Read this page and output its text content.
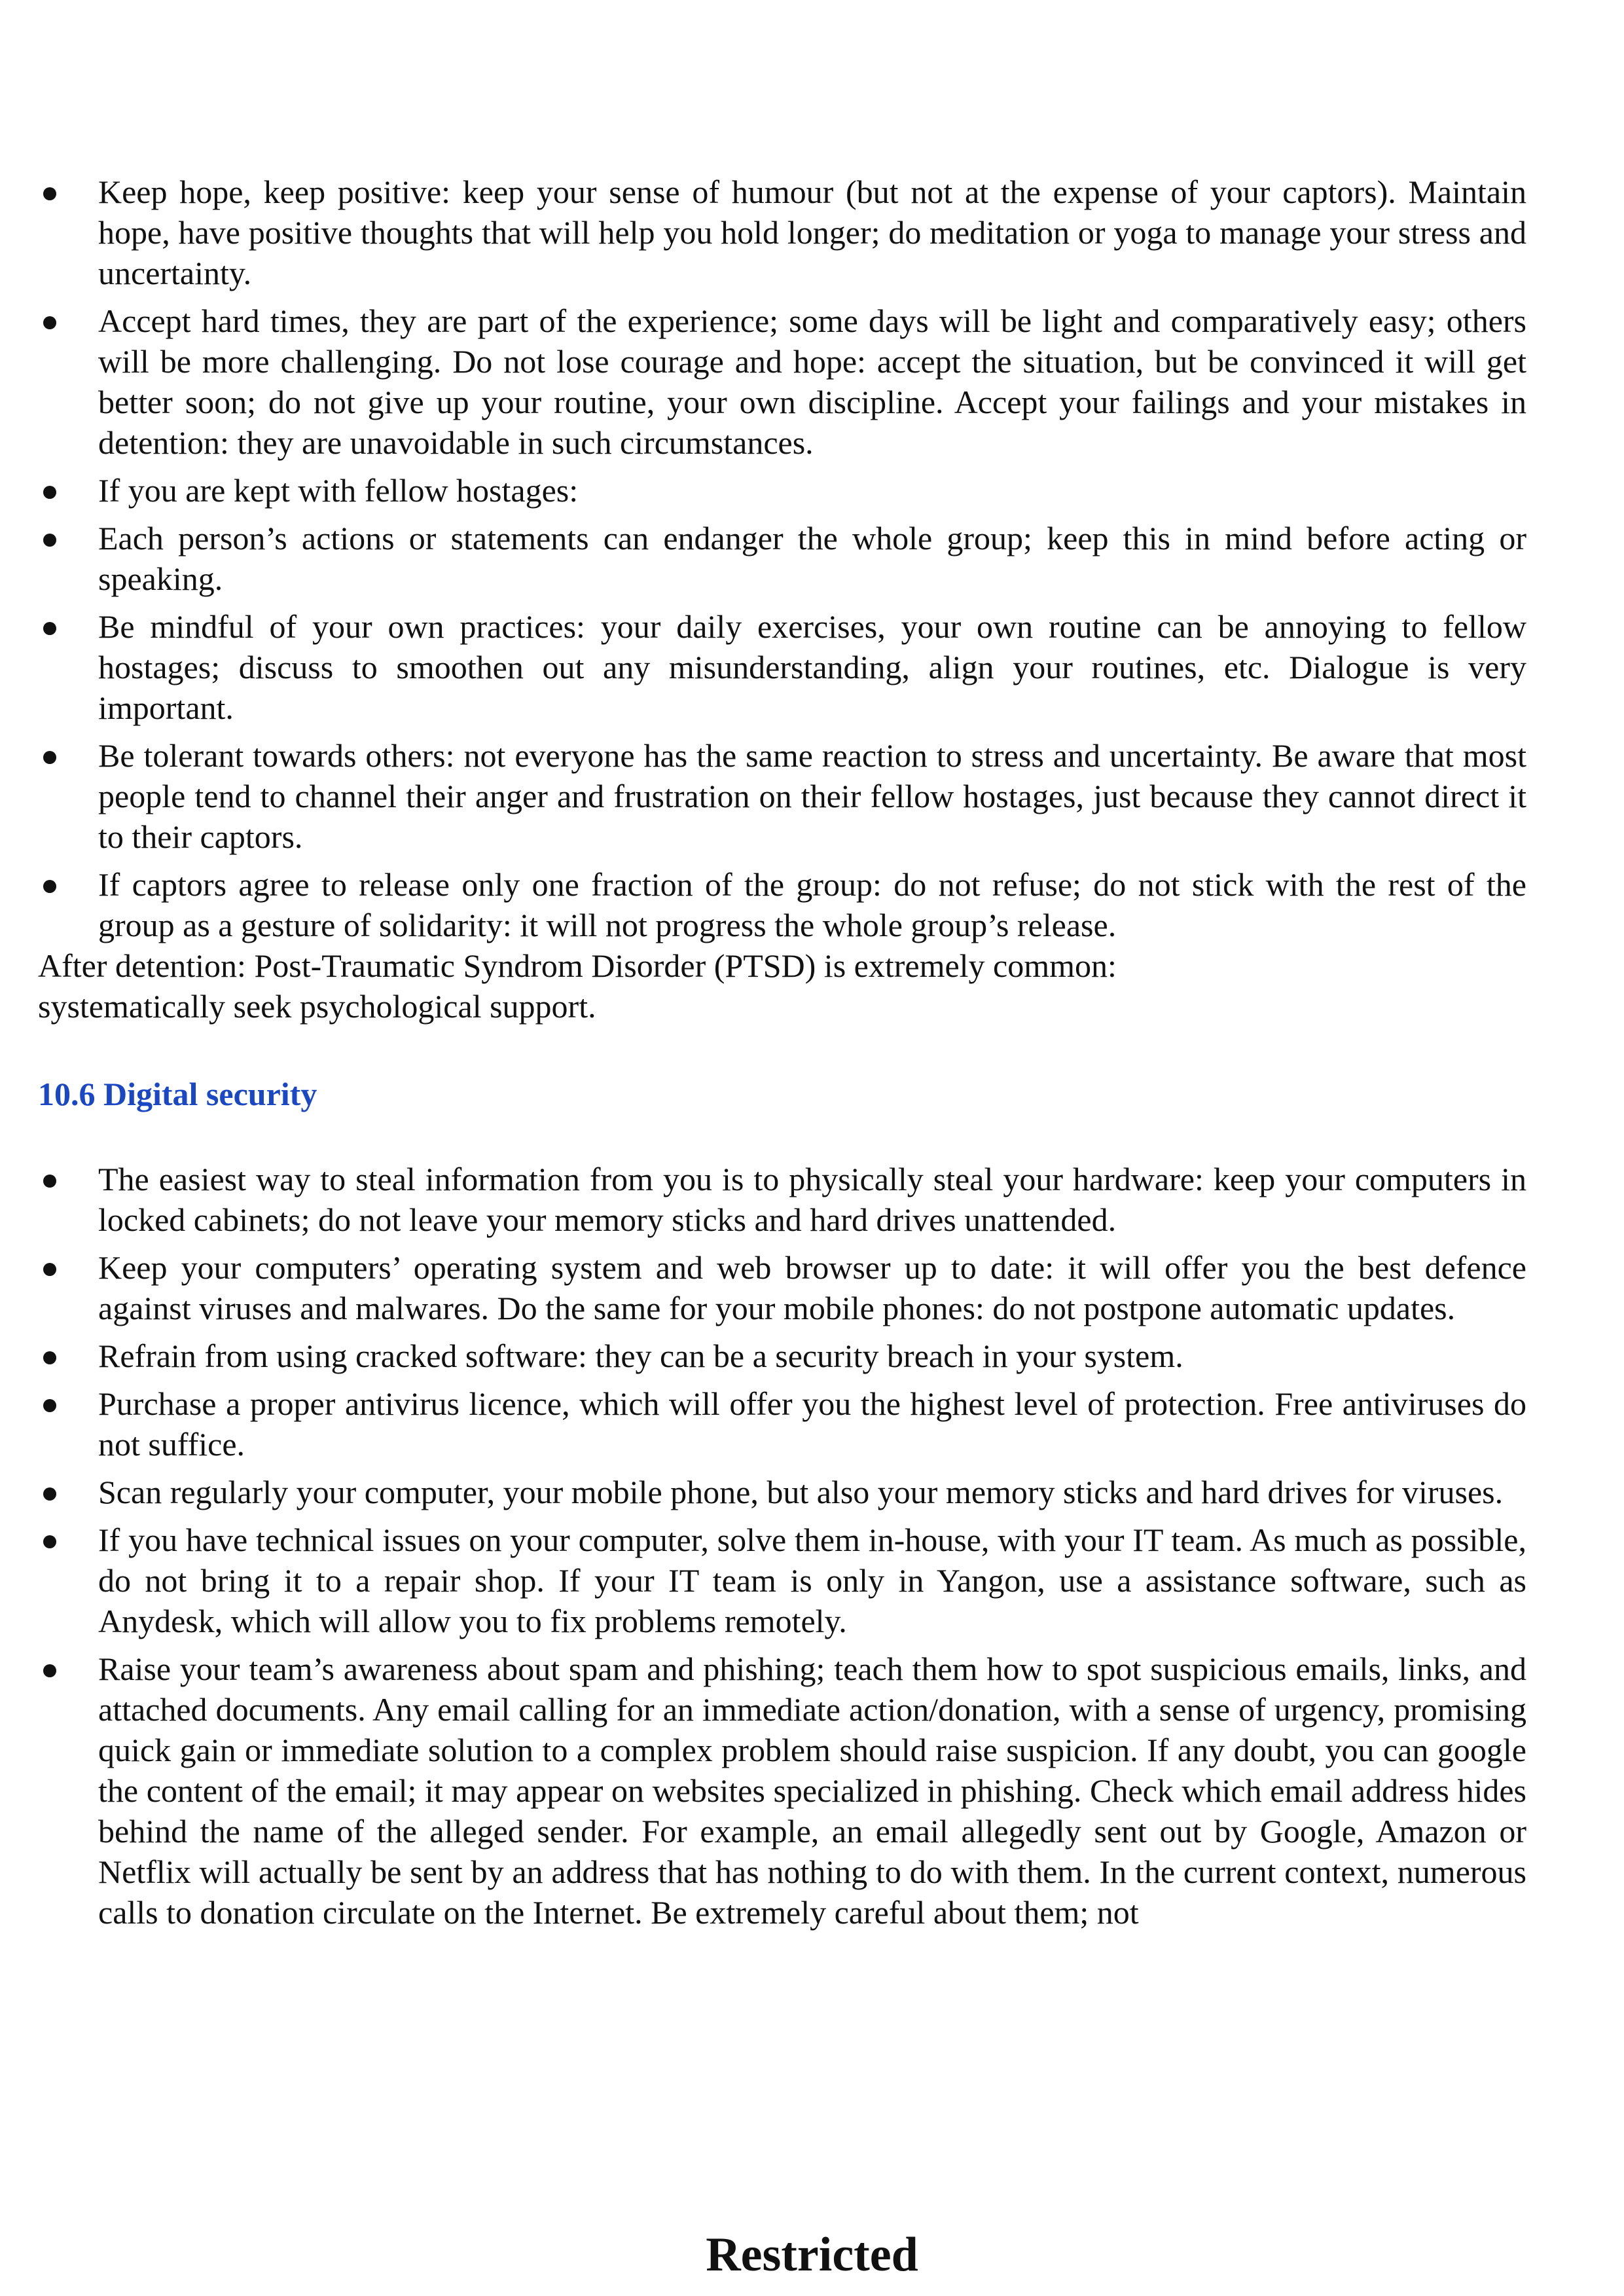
Keep hope, keep positive: keep your sense of humour (but not at the expense of your captors). Maintain hope, have positive thoughts that will help you hold longer; do meditation or yoga to manage your stress and uncertainty.
Accept hard times, they are part of the experience; some days will be light and comparatively easy; others will be more challenging. Do not lose courage and hope: accept the situation, but be convinced it will get better soon; do not give up your routine, your own discipline. Accept your failings and your mistakes in detention: they are unavoidable in such circumstances.
If you are kept with fellow hostages:
Each person’s actions or statements can endanger the whole group; keep this in mind before acting or speaking.
Be mindful of your own practices: your daily exercises, your own routine can be annoying to fellow hostages; discuss to smoothen out any misunderstanding, align your routines, etc. Dialogue is very important.
Be tolerant towards others: not everyone has the same reaction to stress and uncertainty. Be aware that most people tend to channel their anger and frustration on their fellow hostages, just because they cannot direct it to their captors.
If captors agree to release only one fraction of the group: do not refuse; do not stick with the rest of the group as a gesture of solidarity: it will not progress the whole group’s release.

After detention: Post-Traumatic Syndrom Disorder (PTSD) is extremely common:

systematically seek psychological support.

10.6 Digital security
The easiest way to steal information from you is to physically steal your hardware: keep your computers in locked cabinets; do not leave your memory sticks and hard drives unattended.
Keep your computers’ operating system and web browser up to date: it will offer you the best defence against viruses and malwares. Do the same for your mobile phones: do not postpone automatic updates.
Refrain from using cracked software: they can be a security breach in your system.
Purchase a proper antivirus licence, which will offer you the highest level of protection. Free antiviruses do not suffice.
Scan regularly your computer, your mobile phone, but also your memory sticks and hard drives for viruses.
If you have technical issues on your computer, solve them in-house, with your IT team. As much as possible, do not bring it to a repair shop. If your IT team is only in Yangon, use a assistance software, such as Anydesk, which will allow you to fix problems remotely.
Raise your team’s awareness about spam and phishing; teach them how to spot suspicious emails, links, and attached documents. Any email calling for an immediate action/donation, with a sense of urgency, promising quick gain or immediate solution to a complex problem should raise suspicion. If any doubt, you can google the content of the email; it may appear on websites specialized in phishing. Check which email address hides behind the name of the alleged sender. For example, an email allegedly sent out by Google, Amazon or Netflix will actually be sent by an address that has nothing to do with them. In the current context, numerous calls to donation circulate on the Internet. Be extremely careful about them; not
Restricted
